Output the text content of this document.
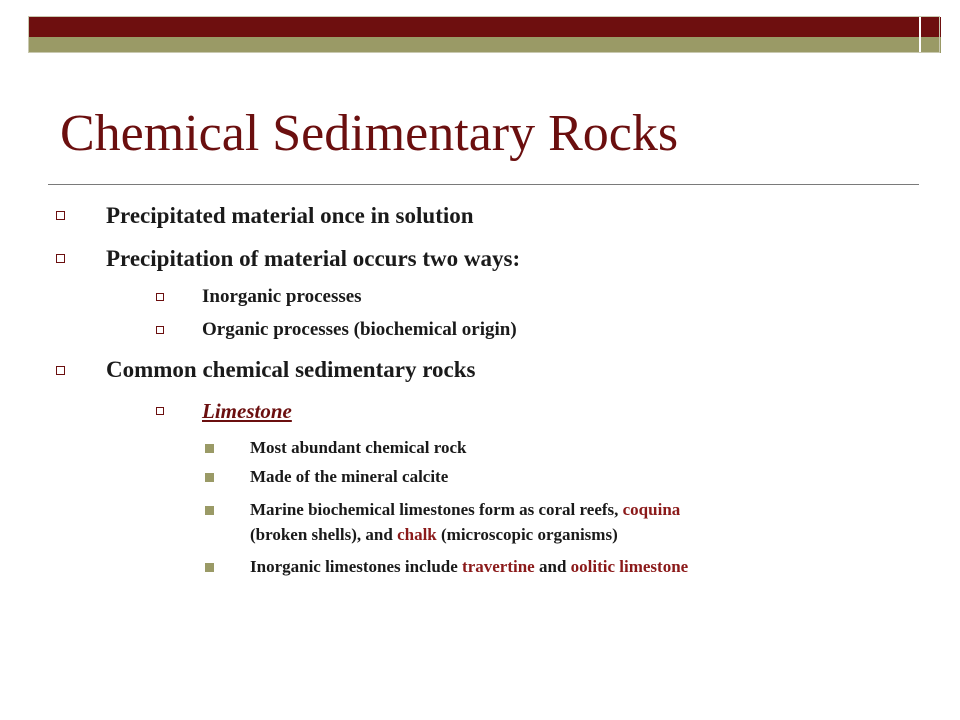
Chemical Sedimentary Rocks
Precipitated material once in solution
Precipitation of material occurs two ways:
Inorganic processes
Organic processes (biochemical origin)
Common chemical sedimentary rocks
Limestone
Most abundant chemical rock
Made of the mineral calcite
Marine biochemical limestones form as coral reefs, coquina
(broken shells), and chalk (microscopic organisms)
Inorganic limestones include travertine and oolitic limestone
